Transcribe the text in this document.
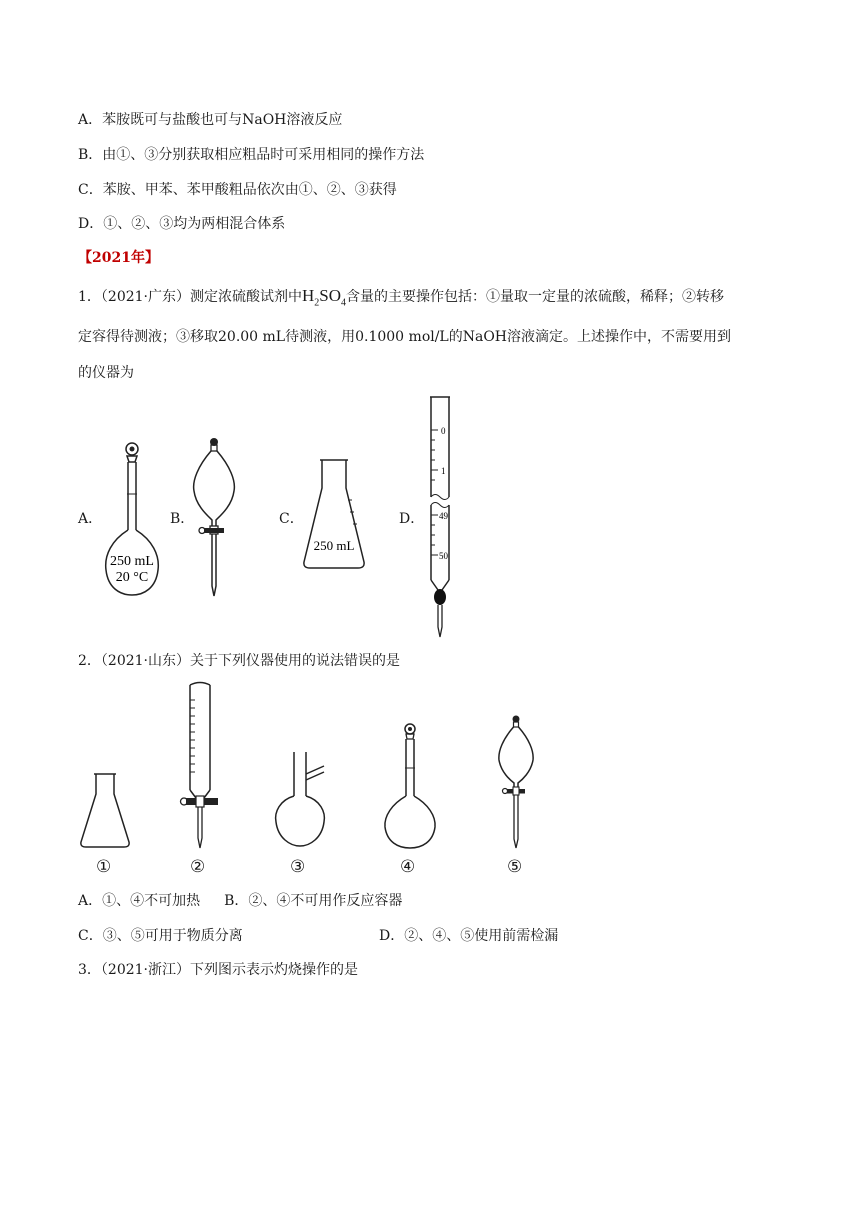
A．苯胺既可与盐酸也可与NaOH溶液反应
B．由①、③分别获取相应粗品时可采用相同的操作方法
C．苯胺、甲苯、苯甲酸粗品依次由①、②、③获得
D．①、②、③均为两相混合体系
【2021年】
1．（2021·广东）测定浓硫酸试剂中$H_2SO_4$含量的主要操作包括：①量取一定量的浓硫酸，稀释；②转移
定容得待测液；③移取20.00 mL待测液，用0.1000 mol/L的NaOH溶液滴定。上述操作中，不需要用到
的仪器为
A．	B．	C．	D．
250 mL
20 °C
250 mL
0
1
49
50
2．（2021·山东）关于下列仪器使用的说法错误的是
①	②	③	④	⑤
A．①、④不可加热 B．②、④不可用作反应容器
C．③、⑤可用于物质分离	D．②、④、⑤使用前需检漏
3．（2021·浙江）下列图示表示灼烧操作的是
